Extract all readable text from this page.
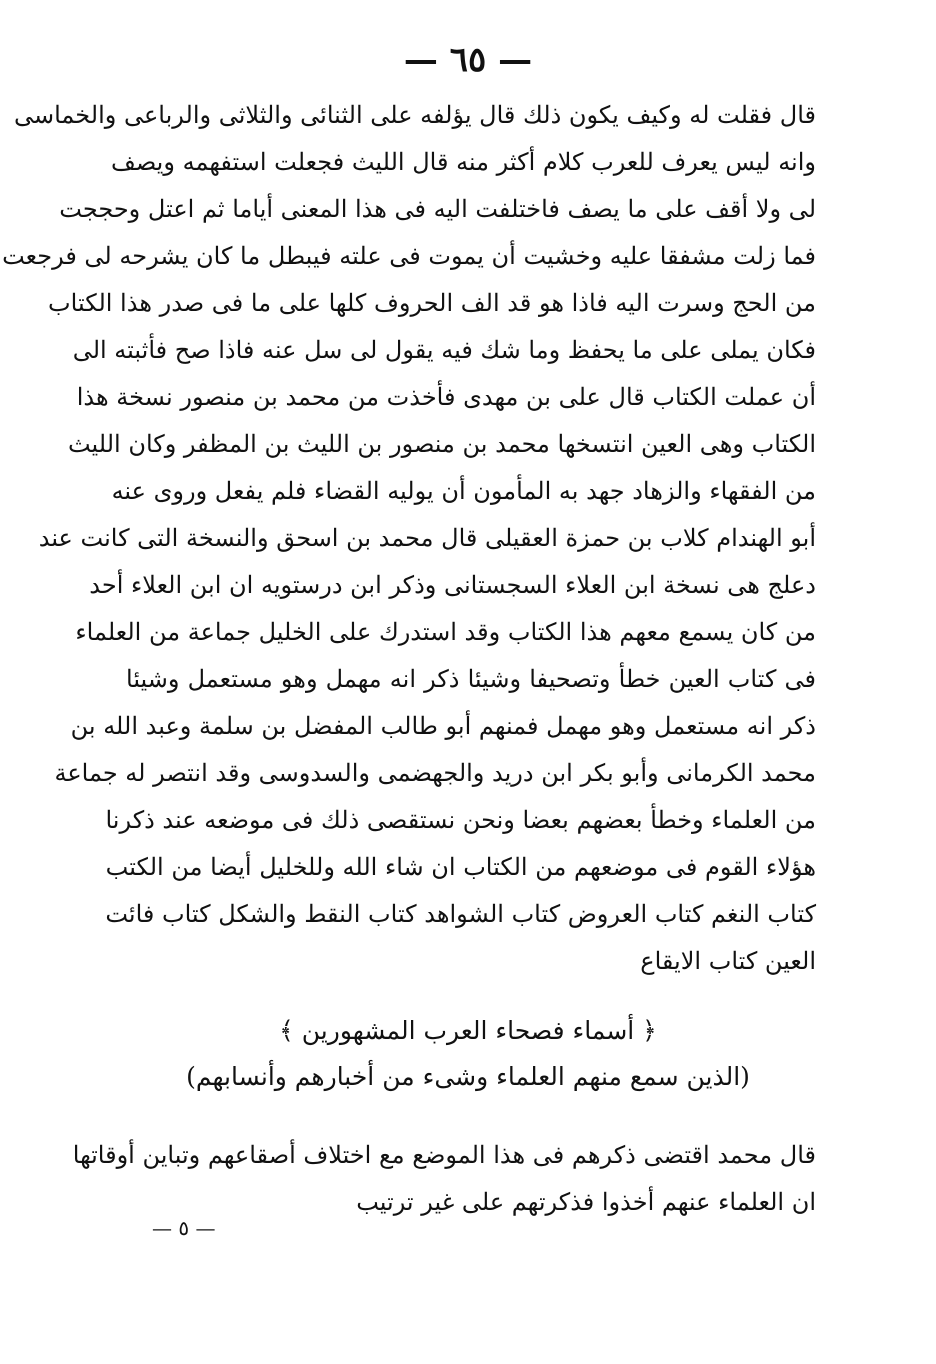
— ٦٥ —
قال فقلت له وكيف يكون ذلك قال يؤلفه على الثنائى والثلاثى والرباعى والخماسى
وانه ليس يعرف للعرب كلام أكثر منه قال الليث فجعلت استفهمه ويصف
لى ولا أقف على ما يصف فاختلفت اليه فى هذا المعنى أياما ثم اعتل وحججت
فما زلت مشفقا عليه وخشيت أن يموت فى علته فيبطل ما كان يشرحه لى فرجعت
من الحج وسرت اليه فاذا هو قد الف الحروف كلها على ما فى صدر هذا الكتاب
فكان يملى على ما يحفظ وما شك فيه يقول لى سل عنه فاذا صح فأثبته الى
أن عملت الكتاب قال على بن مهدى فأخذت من محمد بن منصور نسخة هذا
الكتاب وهى العين انتسخها محمد بن منصور بن الليث بن المظفر وكان الليث
من الفقهاء والزهاد جهد به المأمون أن يوليه القضاء فلم يفعل وروى عنه
أبو الهندام كلاب بن حمزة العقيلى قال محمد بن اسحق والنسخة التى كانت عند
دعلج هى نسخة ابن العلاء السجستانى وذكر ابن درستويه ان ابن العلاء أحد
من كان يسمع معهم هذا الكتاب وقد استدرك على الخليل جماعة من العلماء
فى كتاب العين خطأ وتصحيفا وشيئا ذكر انه مهمل وهو مستعمل وشيئا
ذكر انه مستعمل وهو مهمل فمنهم أبو طالب المفضل بن سلمة وعبد الله بن
محمد الكرمانى وأبو بكر ابن دريد والجهضمى والسدوسى وقد انتصر له جماعة
من العلماء وخطأ بعضهم بعضا ونحن نستقصى ذلك فى موضعه عند ذكرنا
هؤلاء القوم فى موضعهم من الكتاب ان شاء الله وللخليل أيضا من الكتب
كتاب النغم كتاب العروض كتاب الشواهد كتاب النقط والشكل كتاب فائت
العين كتاب الايقاع
﴿ أسماء فصحاء العرب المشهورين ﴾
(الذين سمع منهم العلماء وشىء من أخبارهم وأنسابهم)
قال محمد اقتضى ذكرهم فى هذا الموضع مع اختلاف أصقاعهم وتباين أوقاتها
ان العلماء عنهم أخذوا فذكرتهم على غير ترتيب
— ٥ —
